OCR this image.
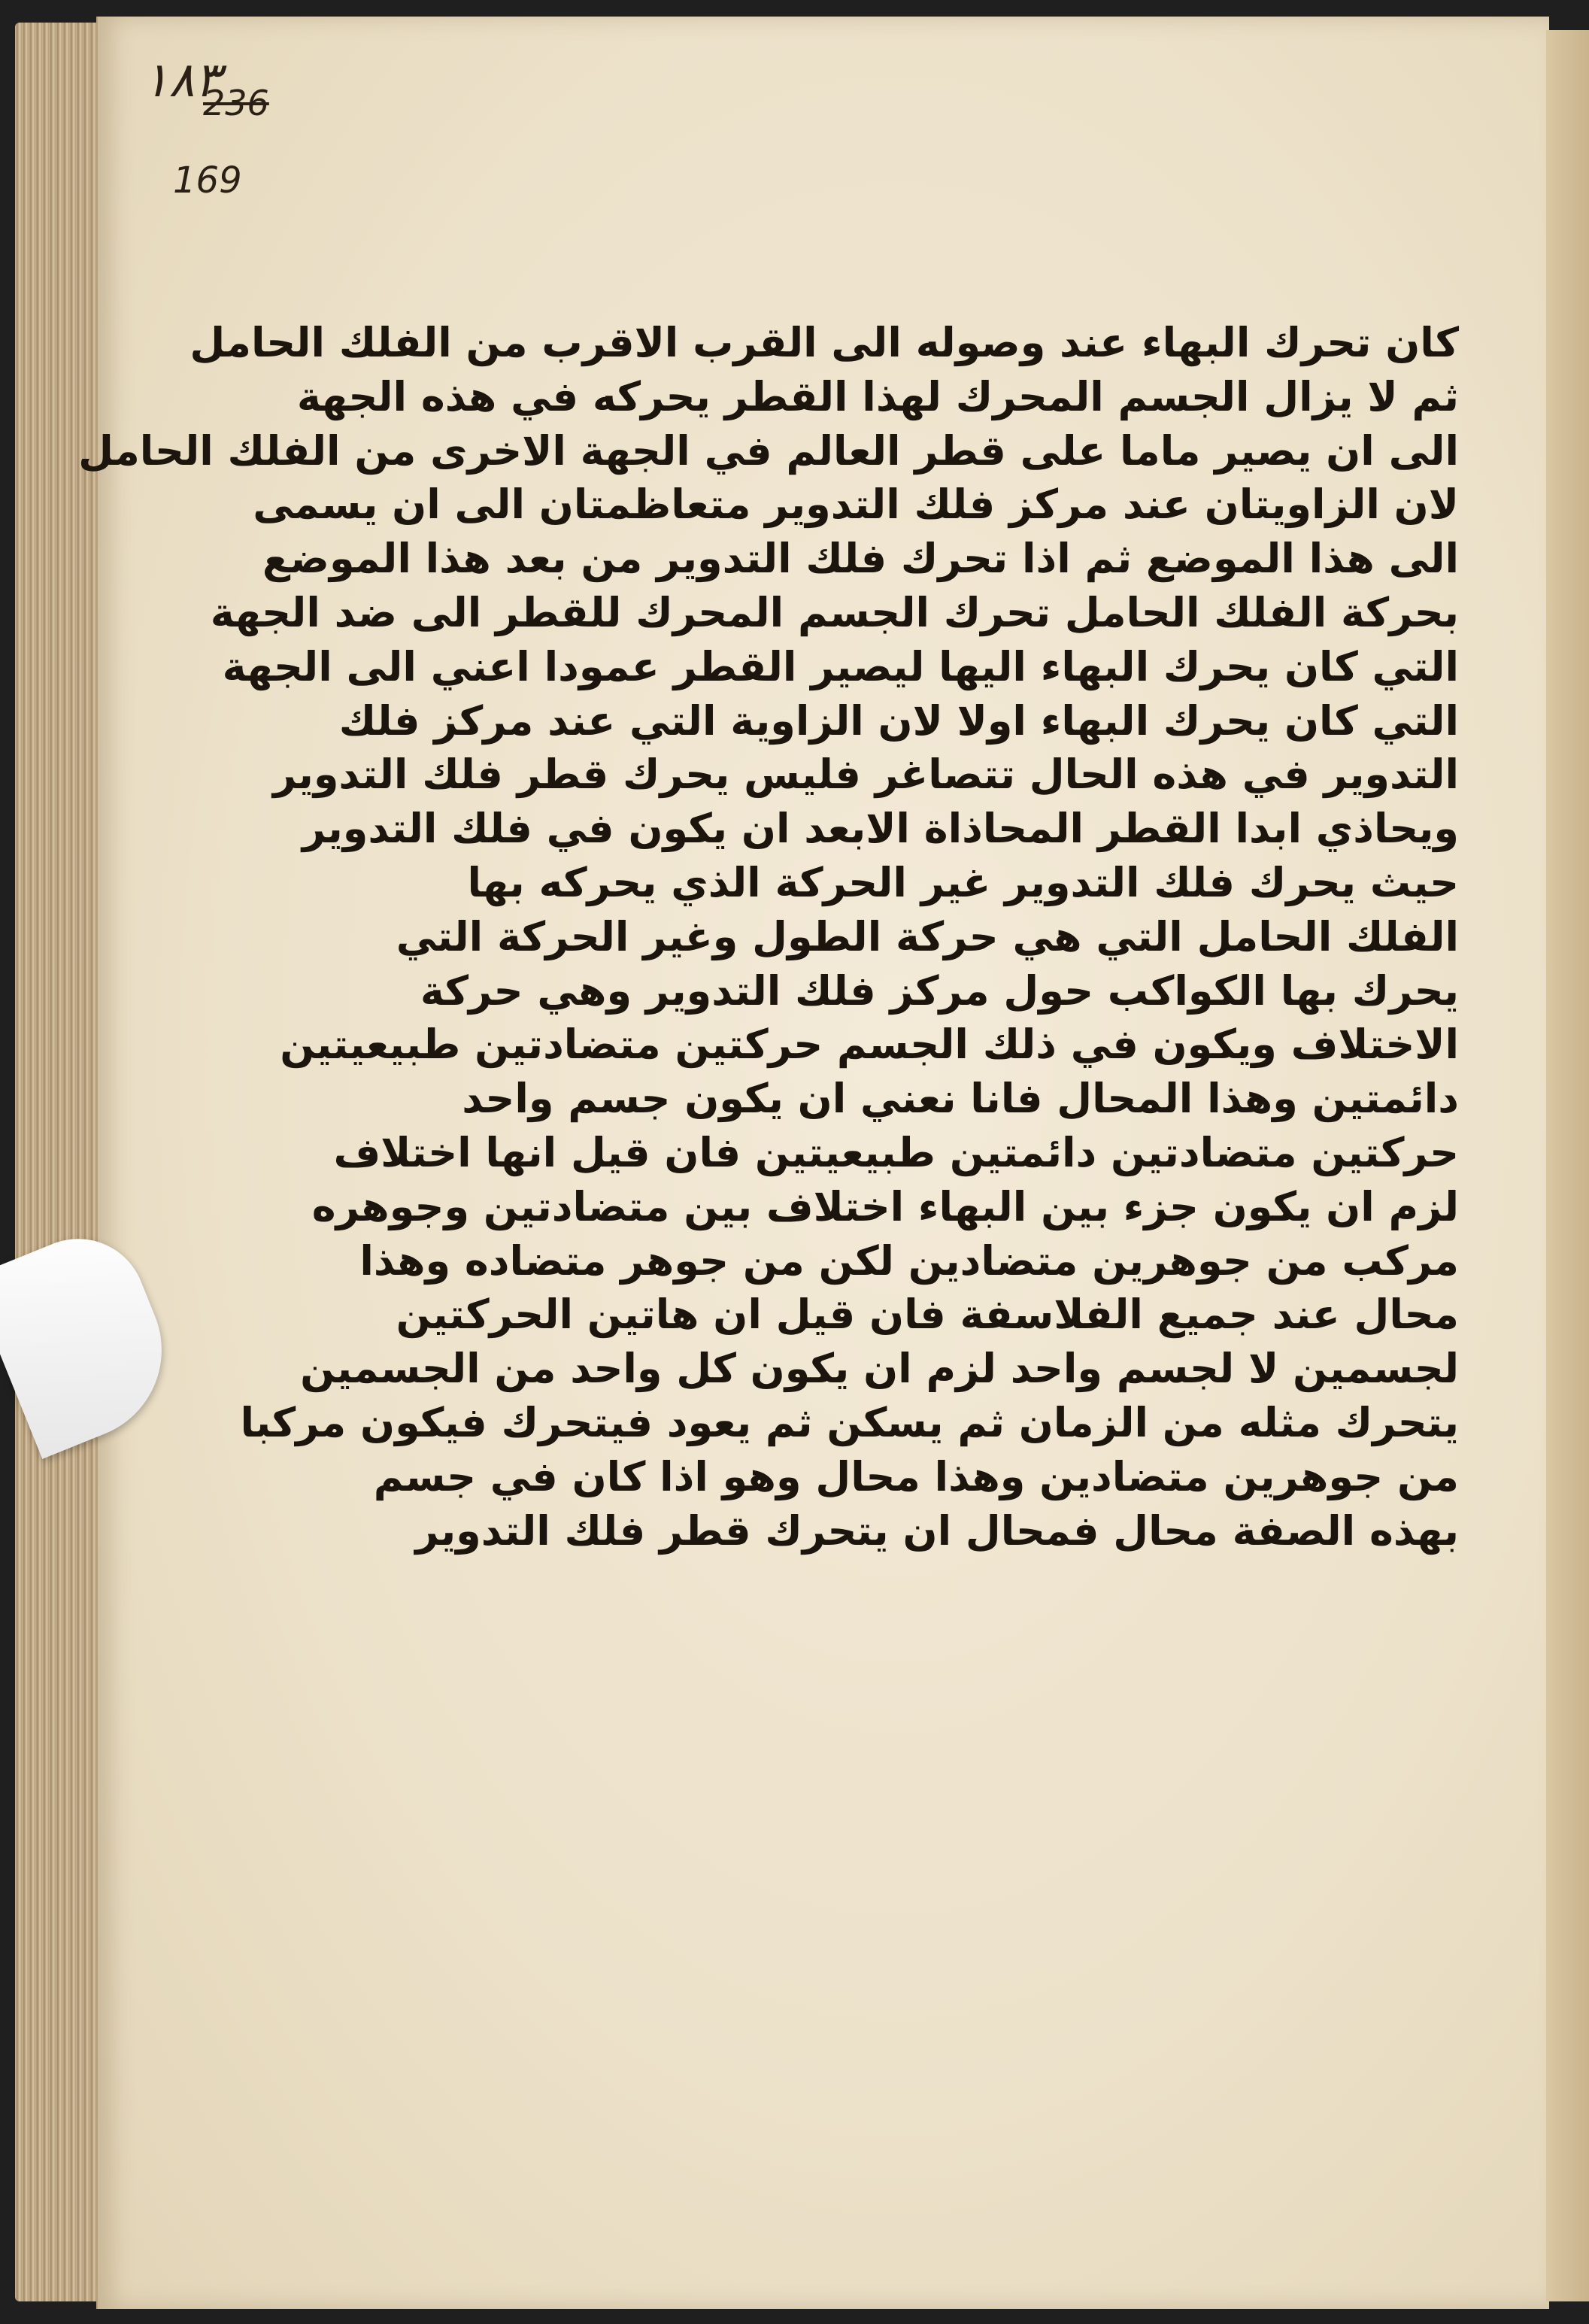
١٨٣
236
169
كان تحرك البهاء عند وصوله الى القرب الاقرب من الفلك الحامل
ثم لا يزال الجسم المحرك لهذا القطر يحركه في هذه الجهة
الى ان يصير ماما على قطر العالم في الجهة الاخرى من الفلك الحامل
لان الزاويتان عند مركز فلك التدوير متعاظمتان الى ان يسمى
الى هذا الموضع ثم اذا تحرك فلك التدوير من بعد هذا الموضع
بحركة الفلك الحامل تحرك الجسم المحرك للقطر الى ضد الجهة
التي كان يحرك البهاء اليها ليصير القطر عمودا اعني الى الجهة
التي كان يحرك البهاء اولا لان الزاوية التي عند مركز فلك
التدوير في هذه الحال تتصاغر فليس يحرك قطر فلك التدوير
ويحاذي ابدا القطر المحاذاة الابعد ان يكون في فلك التدوير
حيث يحرك فلك التدوير غير الحركة الذي يحركه بها
الفلك الحامل التي هي حركة الطول وغير الحركة التي
يحرك بها الكواكب حول مركز فلك التدوير وهي حركة
الاختلاف ويكون في ذلك الجسم حركتين متضادتين طبيعيتين
دائمتين وهذا المحال فانا نعني ان يكون جسم واحد
حركتين متضادتين دائمتين طبيعيتين فان قيل انها اختلاف
لزم ان يكون جزء بين البهاء اختلاف بين متضادتين وجوهره
مركب من جوهرين متضادين لكن من جوهر متضاده وهذا
محال عند جميع الفلاسفة فان قيل ان هاتين الحركتين
لجسمين لا لجسم واحد لزم ان يكون كل واحد من الجسمين
يتحرك مثله من الزمان ثم يسكن ثم يعود فيتحرك فيكون مركبا
من جوهرين متضادين وهذا محال وهو اذا كان في جسم
بهذه الصفة محال فمحال ان يتحرك قطر فلك التدوير
